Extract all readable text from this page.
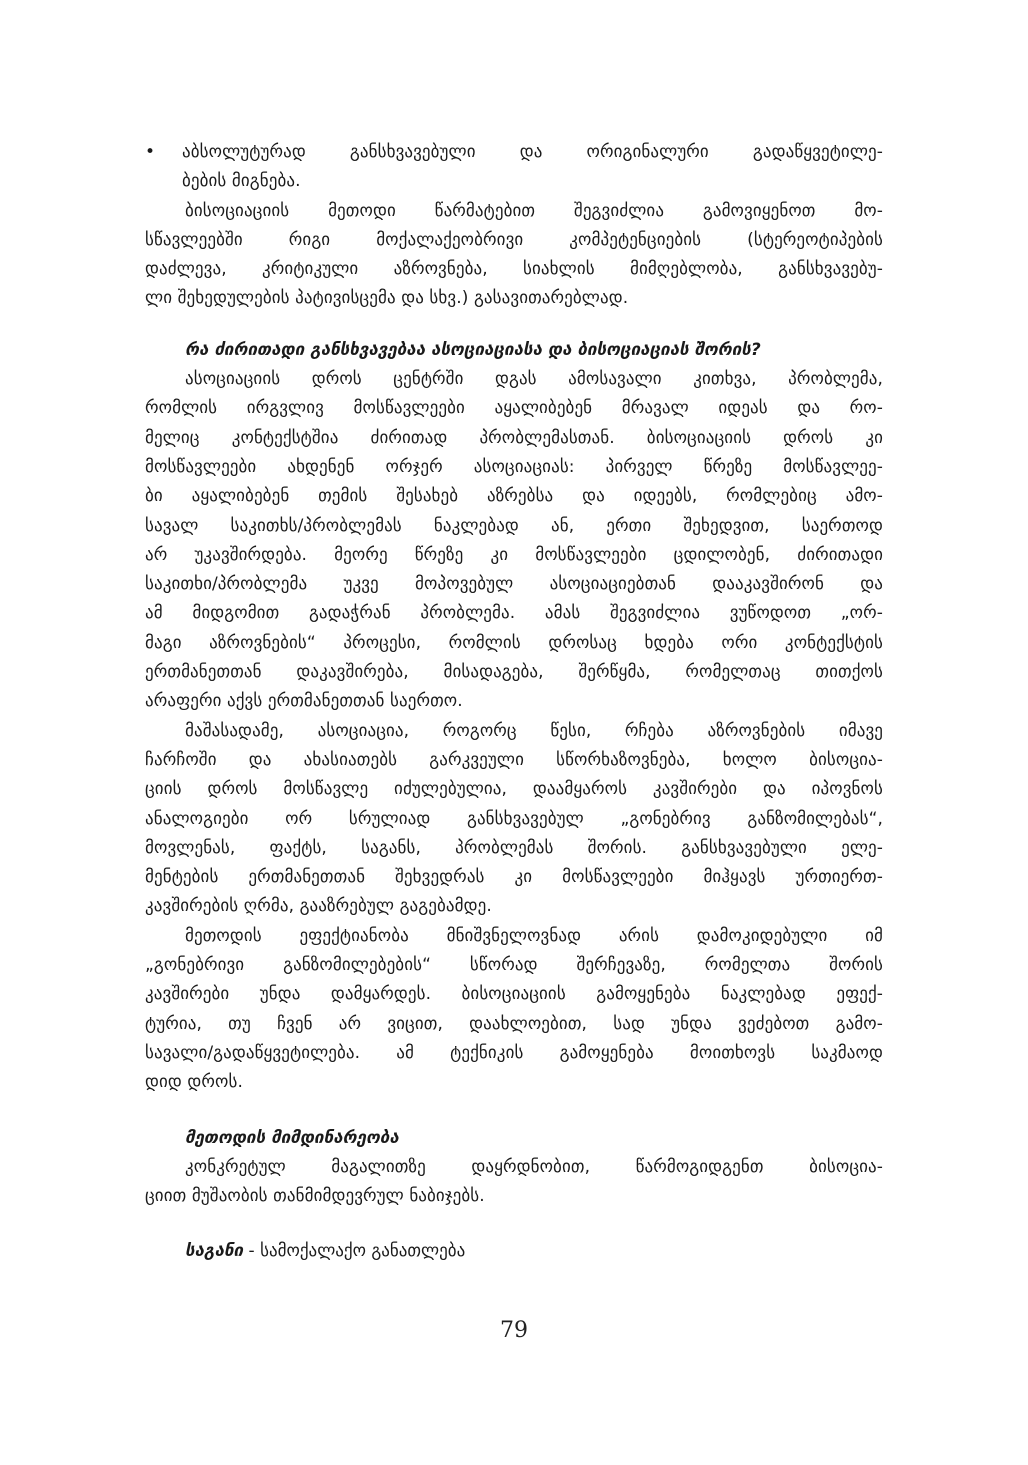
•	აბსოლუტურად განსხვავებული და ორიგინალური გადაწყვეტილე-
ბების მიგნება.
ბისოციაციის მეთოდი წარმატებით შეგვიძლია გამოვიყენოთ მო-
სწავლეებში რიგი მოქალაქეობრივი კომპეტენციების (სტერეოტიპების
დაძლევა, კრიტიკული აზროვნება, სიახლის მიმღებლობა, განსხვავებუ-
ლი შეხედულების პატივისცემა და სხვ.) გასავითარებლად.
რა ძირითადი განსხვავებაა ასოციაციასა და ბისოციაციას შორის?
ასოციაციის დროს ცენტრში დგას ამოსავალი კითხვა, პრობლემა,
რომლის ირგვლივ მოსწავლეები აყალიბებენ მრავალ იდეას და რო-
მელიც კონტექსტშია ძირითად პრობლემასთან. ბისოციაციის დროს კი
მოსწავლეები ახდენენ ორჯერ ასოციაციას: პირველ წრეზე მოსწავლეე-
ბი აყალიბებენ თემის შესახებ აზრებსა და იდეებს, რომლებიც ამო-
სავალ საკითხს/პრობლემას ნაკლებად ან, ერთი შეხედვით, საერთოდ
არ უკავშირდება. მეორე წრეზე კი მოსწავლეები ცდილობენ, ძირითადი
საკითხი/პრობლემა უკვე მოპოვებულ ასოციაციებთან დააკავშირონ და
ამ მიდგომით გადაჭრან პრობლემა. ამას შეგვიძლია ვუწოდოთ „ორ-
მაგი აზროვნების“ პროცესი, რომლის დროსაც ხდება ორი კონტექსტის
ერთმანეთთან დაკავშირება, მისადაგება, შერწყმა, რომელთაც თითქოს
არაფერი აქვს ერთმანეთთან საერთო.
მაშასადამე, ასოციაცია, როგორც წესი, რჩება აზროვნების იმავე
ჩარჩოში და ახასიათებს გარკვეული სწორხაზოვნება, ხოლო ბისოცია-
ციის დროს მოსწავლე იძულებულია, დაამყაროს კავშირები და იპოვნოს
ანალოგიები ორ სრულიად განსხვავებულ „გონებრივ განზომილებას“,
მოვლენას, ფაქტს, საგანს, პრობლემას შორის. განსხვავებული ელე-
მენტების ერთმანეთთან შეხვედრას კი მოსწავლეები მიჰყავს ურთიერთ-
კავშირების ღრმა, გააზრებულ გაგებამდე.
მეთოდის ეფექტიანობა მნიშვნელოვნად არის დამოკიდებული იმ
„გონებრივი განზომილებების“ სწორად შერჩევაზე, რომელთა შორის
კავშირები უნდა დამყარდეს. ბისოციაციის გამოყენება ნაკლებად ეფექ-
ტურია, თუ ჩვენ არ ვიცით, დაახლოებით, სად უნდა ვეძებოთ გამო-
სავალი/გადაწყვეტილება. ამ ტექნიკის გამოყენება მოითხოვს საკმაოდ
დიდ დროს.
მეთოდის მიმდინარეობა
კონკრეტულ მაგალითზე დაყრდნობით, წარმოგიდგენთ ბისოცია-
ციით მუშაობის თანმიმდევრულ ნაბიჯებს.
საგანი - სამოქალაქო განათლება
79
